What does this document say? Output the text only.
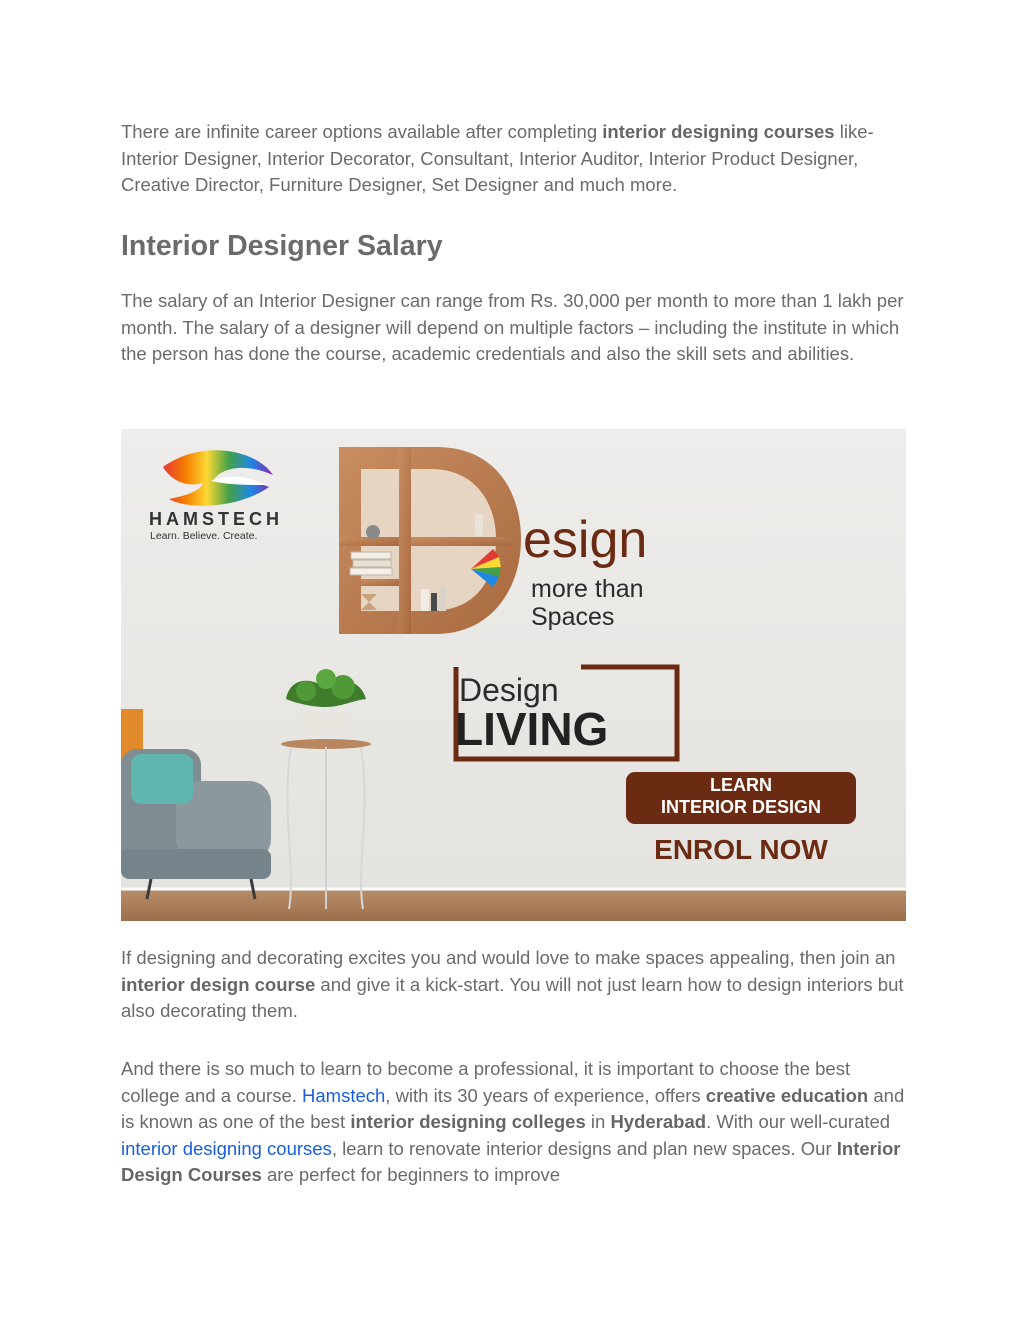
There are infinite career options available after completing interior designing courses like- Interior Designer, Interior Decorator, Consultant, Interior Auditor, Interior Product Designer, Creative Director, Furniture Designer, Set Designer and much more.

Interior Designer Salary

The salary of an Interior Designer can range from Rs. 30,000 per month to more than 1 lakh per month. The salary of a designer will depend on multiple factors – including the institute in which the person has done the course, academic credentials and also the skill sets and abilities.

HAMSTECH
Learn. Believe. Create.	esign
more than
Spaces
Design
LIVING
LEARN
INTERIOR DESIGN
ENROL NOW

If designing and decorating excites you and would love to make spaces appealing, then join an interior design course and give it a kick-start. You will not just learn how to design interiors but also decorating them.

And there is so much to learn to become a professional, it is important to choose the best college and a course. Hamstech, with its 30 years of experience, offers creative education and is known as one of the best interior designing colleges in Hyderabad. With our well-curated interior designing courses, learn to renovate interior designs and plan new spaces. Our Interior Design Courses are perfect for beginners to improve
